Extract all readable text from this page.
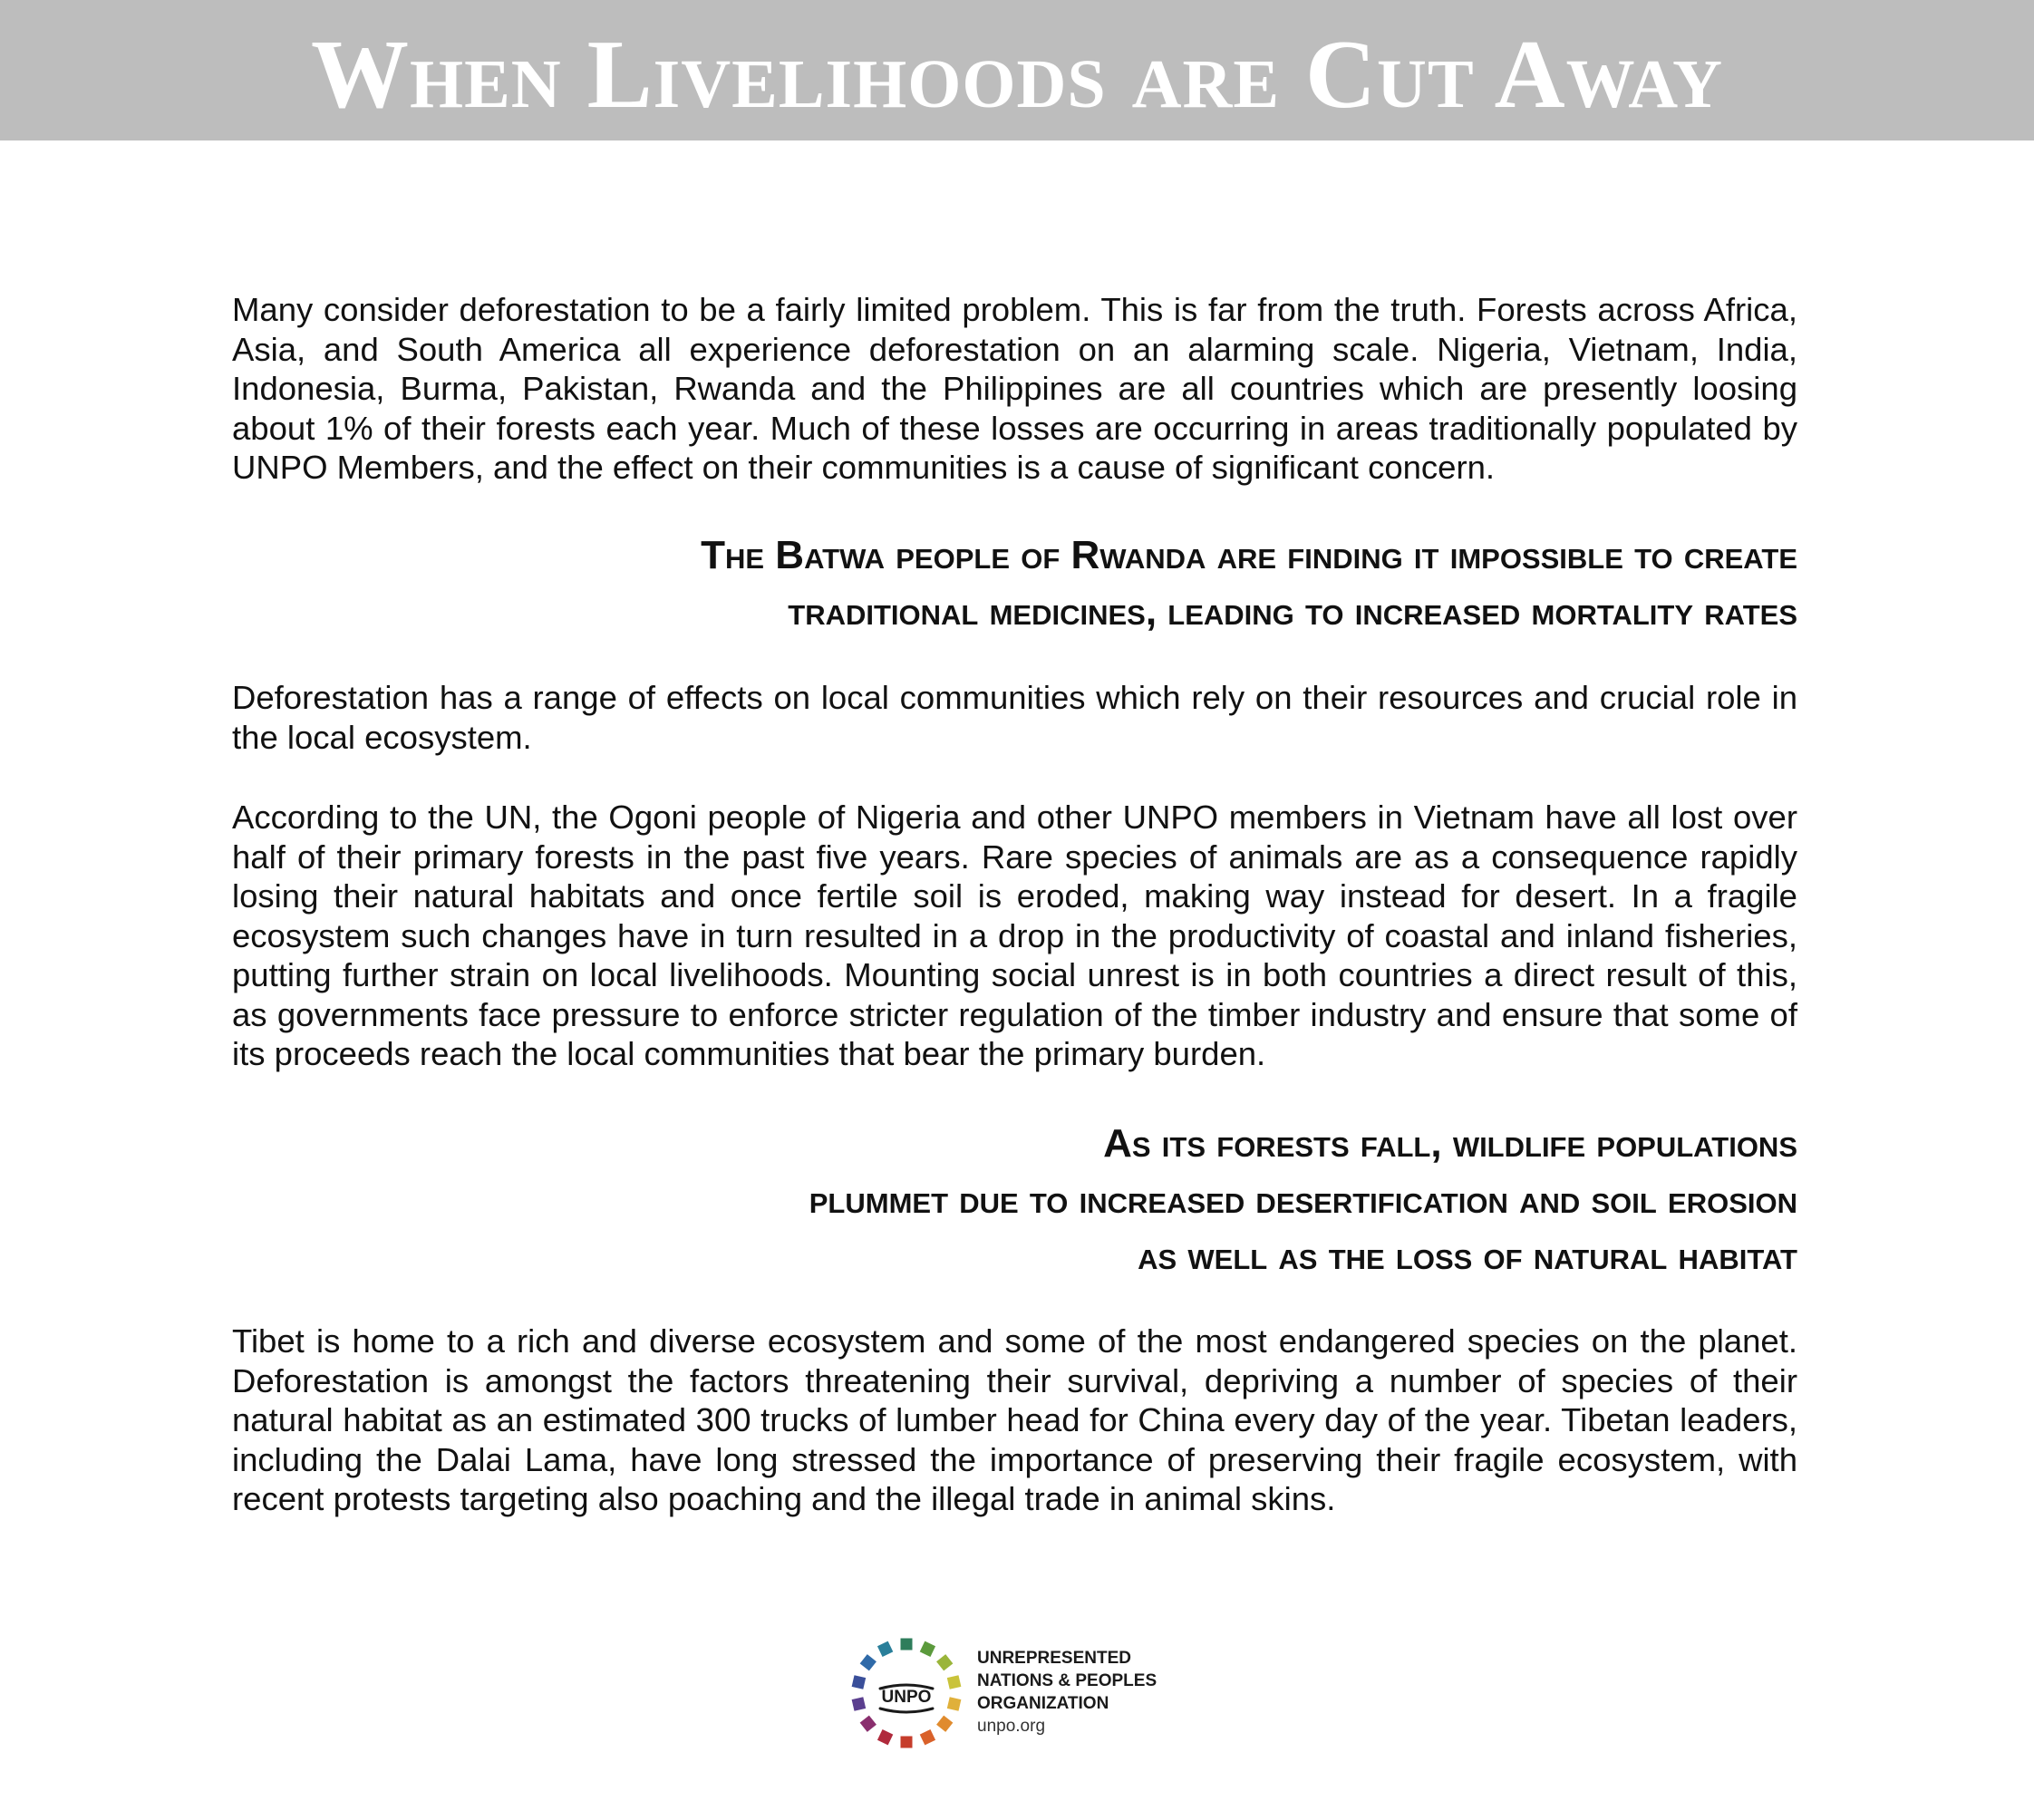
When Livelihoods are Cut Away

Many consider deforestation to be a fairly limited problem. This is far from the truth. Forests across Africa, Asia, and South America all experience deforestation on an alarming scale. Nigeria, Vietnam, India, Indonesia, Burma, Pakistan, Rwanda and the Philippines are all countries which are presently loosing about 1% of their forests each year. Much of these losses are occurring in areas traditionally populated by UNPO Members, and the effect on their communities is a cause of significant concern.

The Batwa people of Rwanda are finding it impossible to create
traditional medicines, leading to increased mortality rates

Deforestation has a range of effects on local communities which rely on their resources and crucial role in the local ecosystem.

According to the UN, the Ogoni people of Nigeria and other UNPO members in Vietnam have all lost over half of their primary forests in the past five years. Rare species of animals are as a consequence rapidly losing their natural habitats and once fertile soil is eroded, making way instead for desert. In a fragile ecosystem such changes have in turn resulted in a drop in the productivity of coastal and inland fisheries, putting further strain on local livelihoods. Mounting social unrest is in both countries a direct result of this, as governments face pressure to enforce stricter regulation of the timber industry and ensure that some of its proceeds reach the local communities that bear the primary burden.

As its forests fall, wildlife populations
plummet due to increased desertification and soil erosion
as well as the loss of natural habitat

Tibet is home to a rich and diverse ecosystem and some of the most endangered species on the planet. Deforestation is amongst the factors threatening their survival, depriving a number of species of their natural habitat as an estimated 300 trucks of lumber head for China every day of the year. Tibetan leaders, including the Dalai Lama, have long stressed the importance of preserving their fragile ecosystem, with recent protests targeting also poaching and the illegal trade in animal skins.

UNPO
UNREPRESENTED
NATIONS & PEOPLES
ORGANIZATION
unpo.org
